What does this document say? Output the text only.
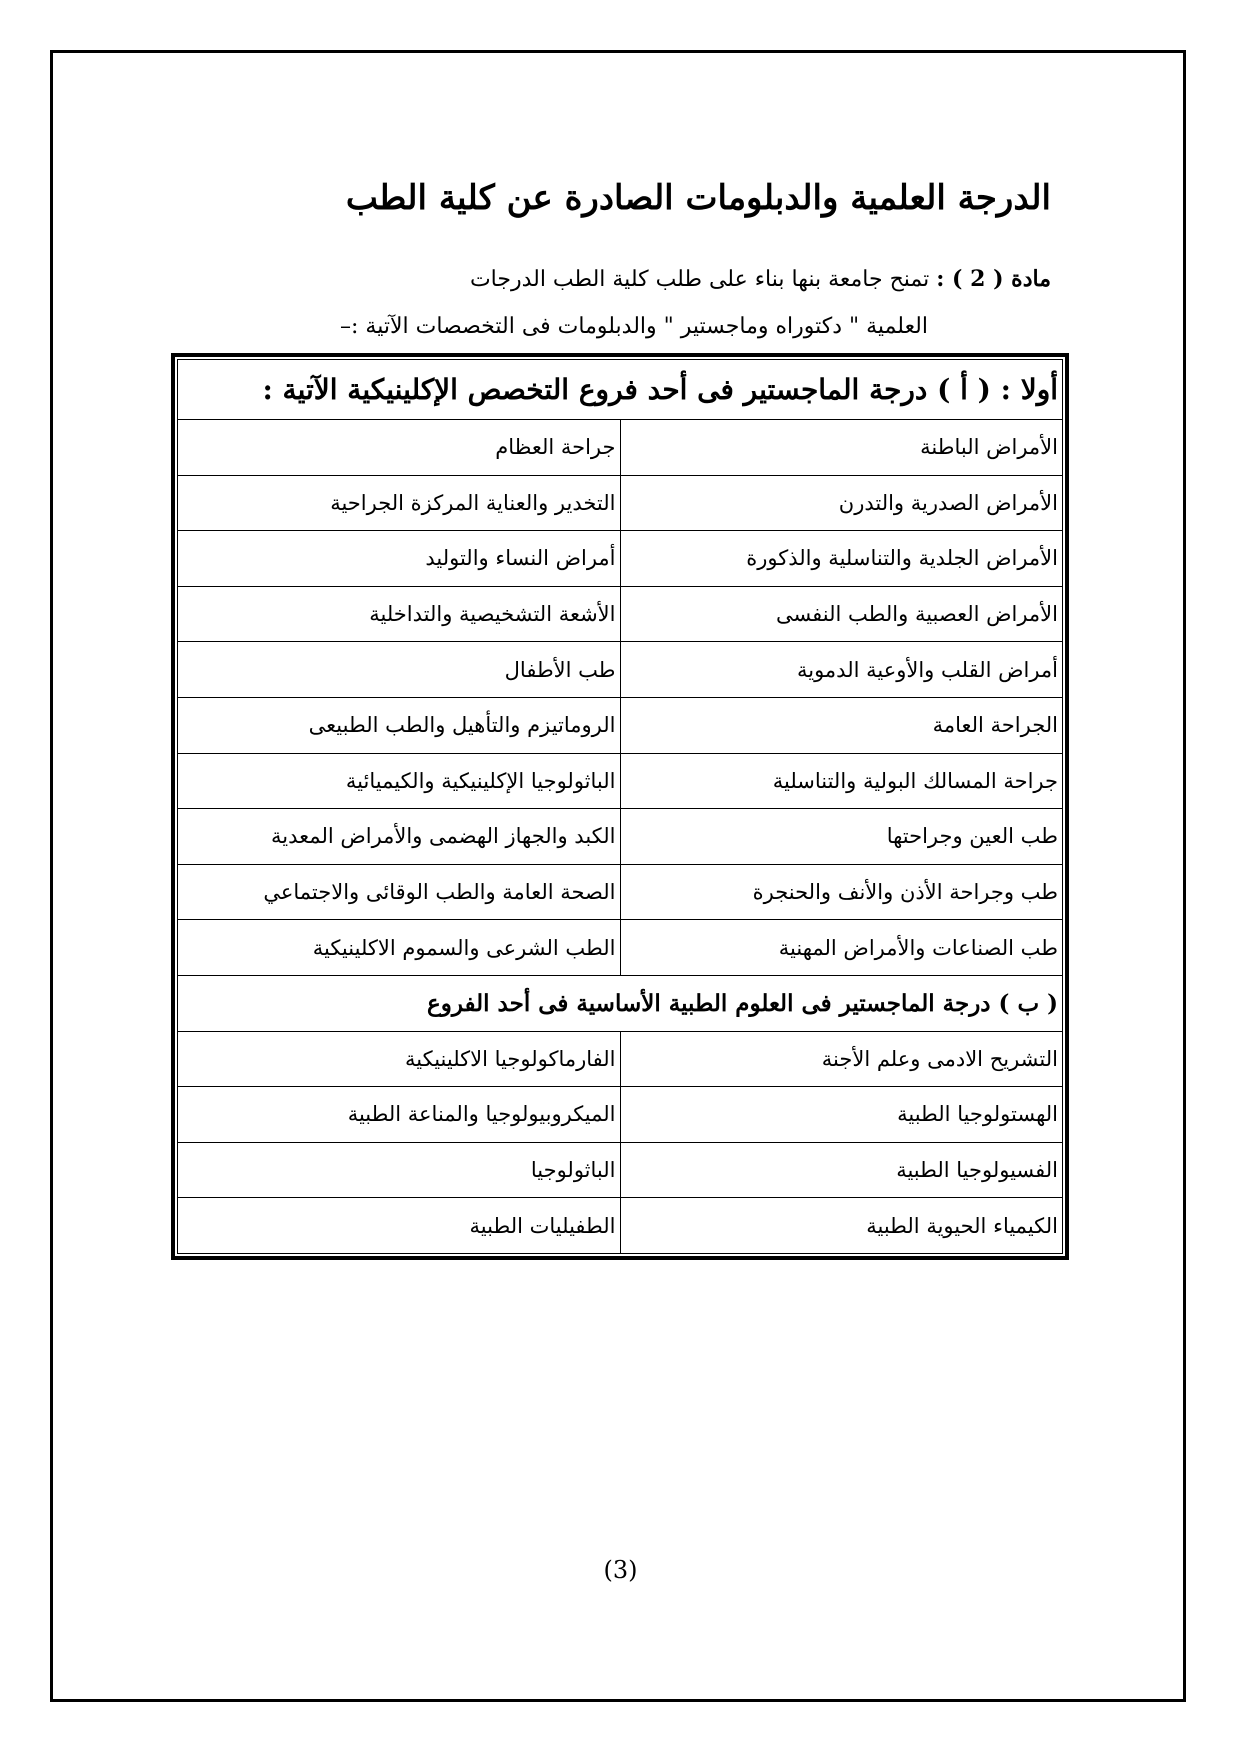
الدرجة العلمية والدبلومات الصادرة عن كلية الطب

مادة ( 2 ) : تمنح جامعة بنها بناء على طلب كلية الطب الدرجات

العلمية " دكتوراه وماجستير " والدبلومات فى التخصصات الآتية :–

أولا : ( أ ) درجة الماجستير فى أحد فروع التخصص الإكلينيكية الآتية :	
الأمراض الباطنة	جراحة العظام
الأمراض الصدرية والتدرن	التخدير والعناية المركزة الجراحية
الأمراض الجلدية والتناسلية والذكورة	أمراض النساء والتوليد
الأمراض العصبية والطب النفسى	الأشعة التشخيصية والتداخلية
أمراض القلب والأوعية الدموية	طب الأطفال
الجراحة العامة	الروماتيزم والتأهيل والطب الطبيعى
جراحة المسالك البولية والتناسلية	الباثولوجيا الإكلينيكية والكيميائية
طب العين وجراحتها	الكبد والجهاز الهضمى والأمراض المعدية
طب وجراحة الأذن والأنف والحنجرة	الصحة العامة والطب الوقائى والاجتماعي
طب الصناعات والأمراض المهنية	الطب الشرعى والسموم الاكلينيكية
( ب ) درجة الماجستير فى العلوم الطبية الأساسية فى أحد الفروع	
التشريح الادمى وعلم الأجنة	الفارماكولوجيا الاكلينيكية
الهستولوجيا الطبية	الميكروبيولوجيا والمناعة الطبية
الفسيولوجيا الطبية	الباثولوجيا
الكيمياء الحيوية الطبية	الطفيليات الطبية

(3)
